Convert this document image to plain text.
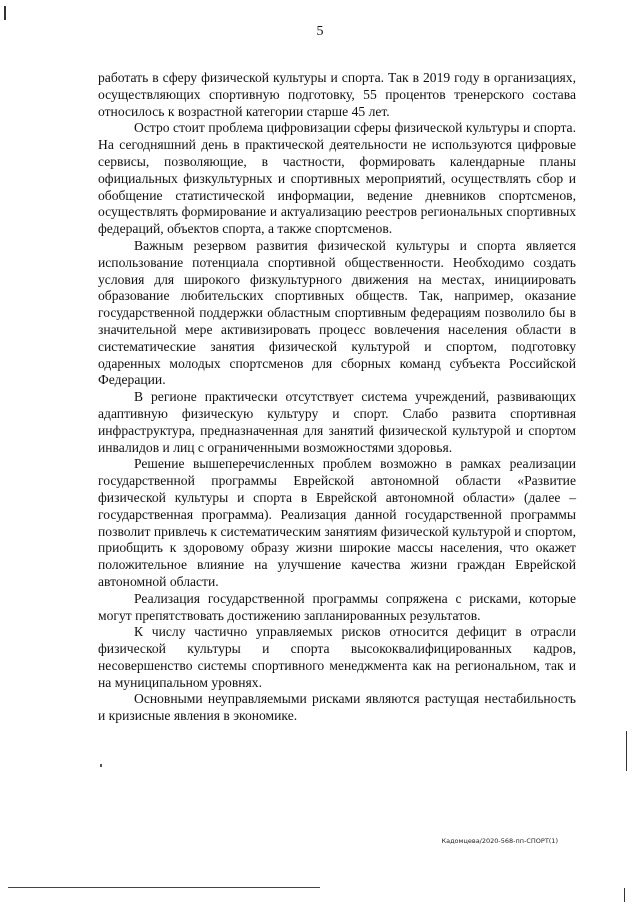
5

работать в сферу физической культуры и спорта. Так в 2019 году в организациях, осуществляющих спортивную подготовку, 55 процентов тренерского состава относилось к возрастной категории старше 45 лет.

Остро стоит проблема цифровизации сферы физической культуры и спорта. На сегодняшний день в практической деятельности не используются цифровые сервисы, позволяющие, в частности, формировать календарные планы официальных физкультурных и спортивных мероприятий, осуществлять сбор и обобщение статистической информации, ведение дневников спортсменов, осуществлять формирование и актуализацию реестров региональных спортивных федераций, объектов спорта, а также спортсменов.

Важным резервом развития физической культуры и спорта является использование потенциала спортивной общественности. Необходимо создать условия для широкого физкультурного движения на местах, инициировать образование любительских спортивных обществ. Так, например, оказание государственной поддержки областным спортивным федерациям позволило бы в значительной мере активизировать процесс вовлечения населения области в систематические занятия физической культурой и спортом, подготовку одаренных молодых спортсменов для сборных команд субъекта Российской Федерации.

В регионе практически отсутствует система учреждений, развивающих адаптивную физическую культуру и спорт. Слабо развита спортивная инфраструктура, предназначенная для занятий физической культурой и спортом инвалидов и лиц с ограниченными возможностями здоровья.

Решение вышеперечисленных проблем возможно в рамках реализации государственной программы Еврейской автономной области «Развитие физической культуры и спорта в Еврейской автономной области» (далее – государственная программа). Реализация данной государственной программы позволит привлечь к систематическим занятиям физической культурой и спортом, приобщить к здоровому образу жизни широкие массы населения, что окажет положительное влияние на улучшение качества жизни граждан Еврейской автономной области.

Реализация государственной программы сопряжена с рисками, которые могут препятствовать достижению запланированных результатов.

К числу частично управляемых рисков относится дефицит в отрасли физической культуры и спорта высококвалифицированных кадров, несовершенство системы спортивного менеджмента как на региональном, так и на муниципальном уровнях.

Основными неуправляемыми рисками являются растущая нестабильность и кризисные явления в экономике.

Кадомцева/2020-568-пп-СПОРТ(1)
